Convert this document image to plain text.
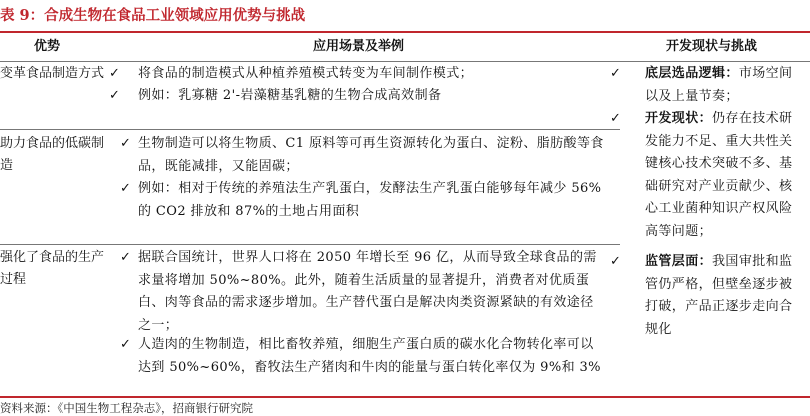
表 9：合成生物在食品工业领域应用优势与挑战
优势	应用场景及举例	开发现状与挑战
变革食品制造方式 ✓
✓
将食品的制造模式从种植养殖模式转变为车间制作模式；
例如：乳寡糖 2'-岩藻糖基乳糖的生物合成高效制备
助力食品的低碳制造
✓
✓
生物制造可以将生物质、C1 原料等可再生资源转化为蛋白、淀粉、脂肪酸等食品，既能减排，又能固碳；
例如：相对于传统的养殖法生产乳蛋白，发酵法生产乳蛋白能够每年减少 56%的 CO2 排放和 87%的土地占用面积
强化了食品的生产过程
✓
✓
据联合国统计，世界人口将在 2050 年增长至 96 亿，从而导致全球食品的需求量将增加 50%~80%。此外，随着生活质量的显著提升，消费者对优质蛋白、肉等食品的需求逐步增加。生产替代蛋白是解决肉类资源紧缺的有效途径之一；
人造肉的生物制造，相比畜牧养殖，细胞生产蛋白质的碳水化合物转化率可以达到 50%~60%，畜牧法生产猪肉和牛肉的能量与蛋白转化率仅为 9%和 3%
✓ 底层选品逻辑：市场空间以及上量节奏；
✓ 开发现状：仍存在技术研发能力不足、重大共性关键核心技术突破不多、基础研究对产业贡献少、核心工业菌种知识产权风险高等问题；
✓ 监管层面：我国审批和监管仍严格，但壁垒逐步被打破，产品正逐步走向合规化
资料来源：《中国生物工程杂志》，招商银行研究院
